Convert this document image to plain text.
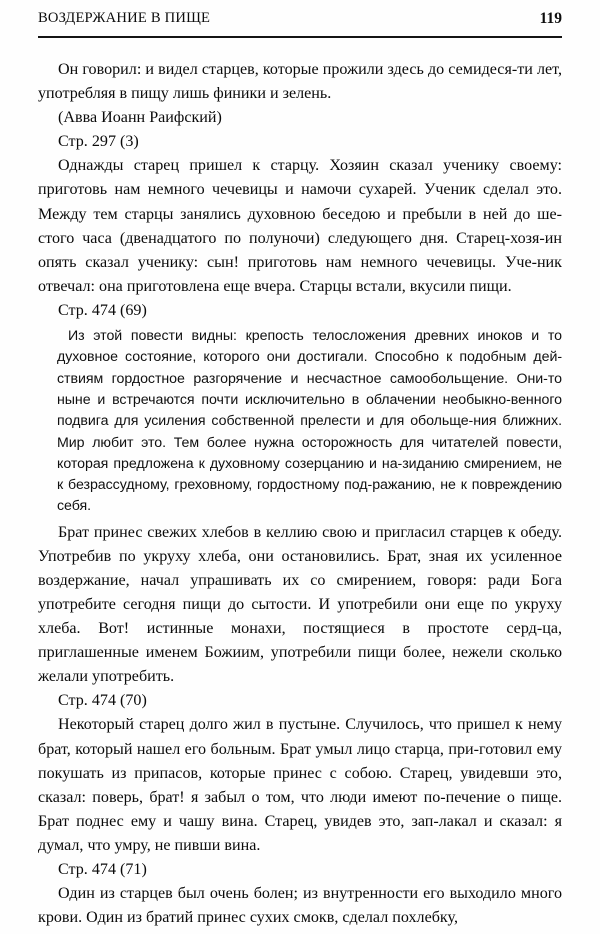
ВОЗДЕРЖАНИЕ В ПИЩЕ	119

Он говорил: и видел старцев, которые прожили здесь до семидеся-ти лет, употребляя в пищу лишь финики и зелень.

(Авва Иоанн Раифский)

Стр. 297 (3)

Однажды старец пришел к старцу. Хозяин сказал ученику своему: приготовь нам немного чечевицы и намочи сухарей. Ученик сделал это. Между тем старцы занялись духовною беседою и пребыли в ней до ше-стого часа (двенадцатого по полуночи) следующего дня. Старец-хозя-ин опять сказал ученику: сын! приготовь нам немного чечевицы. Уче-ник отвечал: она приготовлена еще вчера. Старцы встали, вкусили пищи.

Стр. 474 (69)

Из этой повести видны: крепость телосложения древних иноков и то духовное состояние, которого они достигали. Способно к подобным дей-ствиям гордостное разгорячение и несчастное самообольщение. Они-то ныне и встречаются почти исключительно в облачении необыкно-венного подвига для усиления собственной прелести и для обольще-ния ближних. Мир любит это. Тем более нужна осторожность для читателей повести, которая предложена к духовному созерцанию и на-зиданию смирением, не к безрассудному, греховному, гордостному под-ражанию, не к повреждению себя.

Брат принес свежих хлебов в келлию свою и пригласил старцев к обеду. Употребив по укруху хлеба, они остановились. Брат, зная их усиленное воздержание, начал упрашивать их со смирением, говоря: ради Бога употребите сегодня пищи до сытости. И употребили они еще по укруху хлеба. Вот! истинные монахи, постящиеся в простоте серд-ца, приглашенные именем Божиим, употребили пищи более, нежели сколько желали употребить.

Стр. 474 (70)

Некоторый старец долго жил в пустыне. Случилось, что пришел к нему брат, который нашел его больным. Брат умыл лицо старца, при-готовил ему покушать из припасов, которые принес с собою. Старец, увидевши это, сказал: поверь, брат! я забыл о том, что люди имеют по-печение о пище. Брат поднес ему и чашу вина. Старец, увидев это, зап-лакал и сказал: я думал, что умру, не пивши вина.

Стр. 474 (71)

Один из старцев был очень болен; из внутренности его выходило много крови. Один из братий принес сухих смокв, сделал похлебку,
